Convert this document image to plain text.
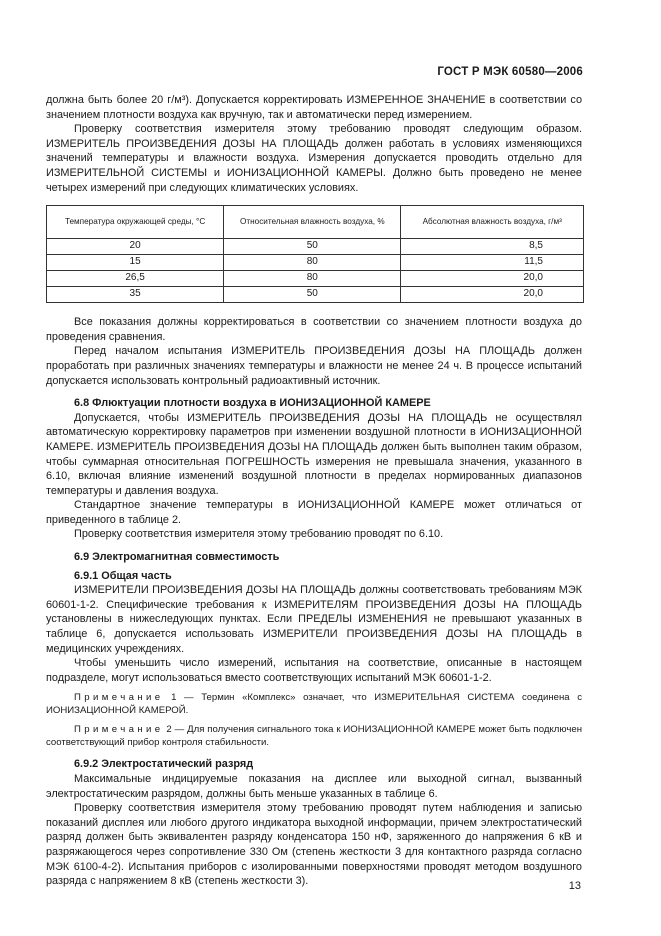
ГОСТ Р МЭК 60580—2006

должна быть более 20 г/м³). Допускается корректировать ИЗМЕРЕННОЕ ЗНАЧЕНИЕ в соответствии со значением плотности воздуха как вручную, так и автоматически перед измерением.

Проверку соответствия измерителя этому требованию проводят следующим образом. ИЗМЕРИТЕЛЬ ПРОИЗВЕДЕНИЯ ДОЗЫ НА ПЛОЩАДЬ должен работать в условиях изменяющихся значений температуры и влажности воздуха. Измерения допускается проводить отдельно для ИЗМЕРИТЕЛЬНОЙ СИСТЕМЫ и ИОНИЗАЦИОННОЙ КАМЕРЫ. Должно быть проведено не менее четырех измерений при следующих климатических условиях.

Температура окружающей среды, °С	Относительная влажность воздуха, %	Абсолютная влажность воздуха, г/м³
20	50	8,5
15	80	11,5
26,5	80	20,0
35	50	20,0

Все показания должны корректироваться в соответствии со значением плотности воздуха до проведения сравнения.

Перед началом испытания ИЗМЕРИТЕЛЬ ПРОИЗВЕДЕНИЯ ДОЗЫ НА ПЛОЩАДЬ должен проработать при различных значениях температуры и влажности не менее 24 ч. В процессе испытаний допускается использовать контрольный радиоактивный источник.

6.8 Флюктуации плотности воздуха в ИОНИЗАЦИОННОЙ КАМЕРЕ

Допускается, чтобы ИЗМЕРИТЕЛЬ ПРОИЗВЕДЕНИЯ ДОЗЫ НА ПЛОЩАДЬ не осуществлял автоматическую корректировку параметров при изменении воздушной плотности в ИОНИЗАЦИОННОЙ КАМЕРЕ. ИЗМЕРИТЕЛЬ ПРОИЗВЕДЕНИЯ ДОЗЫ НА ПЛОЩАДЬ должен быть выполнен таким образом, чтобы суммарная относительная ПОГРЕШНОСТЬ измерения не превышала значения, указанного в 6.10, включая влияние изменений воздушной плотности в пределах нормированных диапазонов температуры и давления воздуха.

Стандартное значение температуры в ИОНИЗАЦИОННОЙ КАМЕРЕ может отличаться от приведенного в таблице 2.

Проверку соответствия измерителя этому требованию проводят по 6.10.

6.9 Электромагнитная совместимость

6.9.1 Общая часть

ИЗМЕРИТЕЛИ ПРОИЗВЕДЕНИЯ ДОЗЫ НА ПЛОЩАДЬ должны соответствовать требованиям МЭК 60601-1-2. Специфические требования к ИЗМЕРИТЕЛЯМ ПРОИЗВЕДЕНИЯ ДОЗЫ НА ПЛОЩАДЬ установлены в нижеследующих пунктах. Если ПРЕДЕЛЫ ИЗМЕНЕНИЯ не превышают указанных в таблице 6, допускается использовать ИЗМЕРИТЕЛИ ПРОИЗВЕДЕНИЯ ДОЗЫ НА ПЛОЩАДЬ в медицинских учреждениях.

Чтобы уменьшить число измерений, испытания на соответствие, описанные в настоящем подразделе, могут использоваться вместо соответствующих испытаний МЭК 60601-1-2.

Примечание 1 — Термин «Комплекс» означает, что ИЗМЕРИТЕЛЬНАЯ СИСТЕМА соединена с ИОНИЗАЦИОННОЙ КАМЕРОЙ.

Примечание 2 — Для получения сигнального тока к ИОНИЗАЦИОННОЙ КАМЕРЕ может быть подключен соответствующий прибор контроля стабильности.

6.9.2 Электростатический разряд

Максимальные индицируемые показания на дисплее или выходной сигнал, вызванный электростатическим разрядом, должны быть меньше указанных в таблице 6.

Проверку соответствия измерителя этому требованию проводят путем наблюдения и записью показаний дисплея или любого другого индикатора выходной информации, причем электростатический разряд должен быть эквивалентен разряду конденсатора 150 нФ, заряженного до напряжения 6 кВ и разряжающегося через сопротивление 330 Ом (степень жесткости 3 для контактного разряда согласно МЭК 6100-4-2). Испытания приборов с изолированными поверхностями проводят методом воздушного разряда с напряжением 8 кВ (степень жесткости 3).	13
